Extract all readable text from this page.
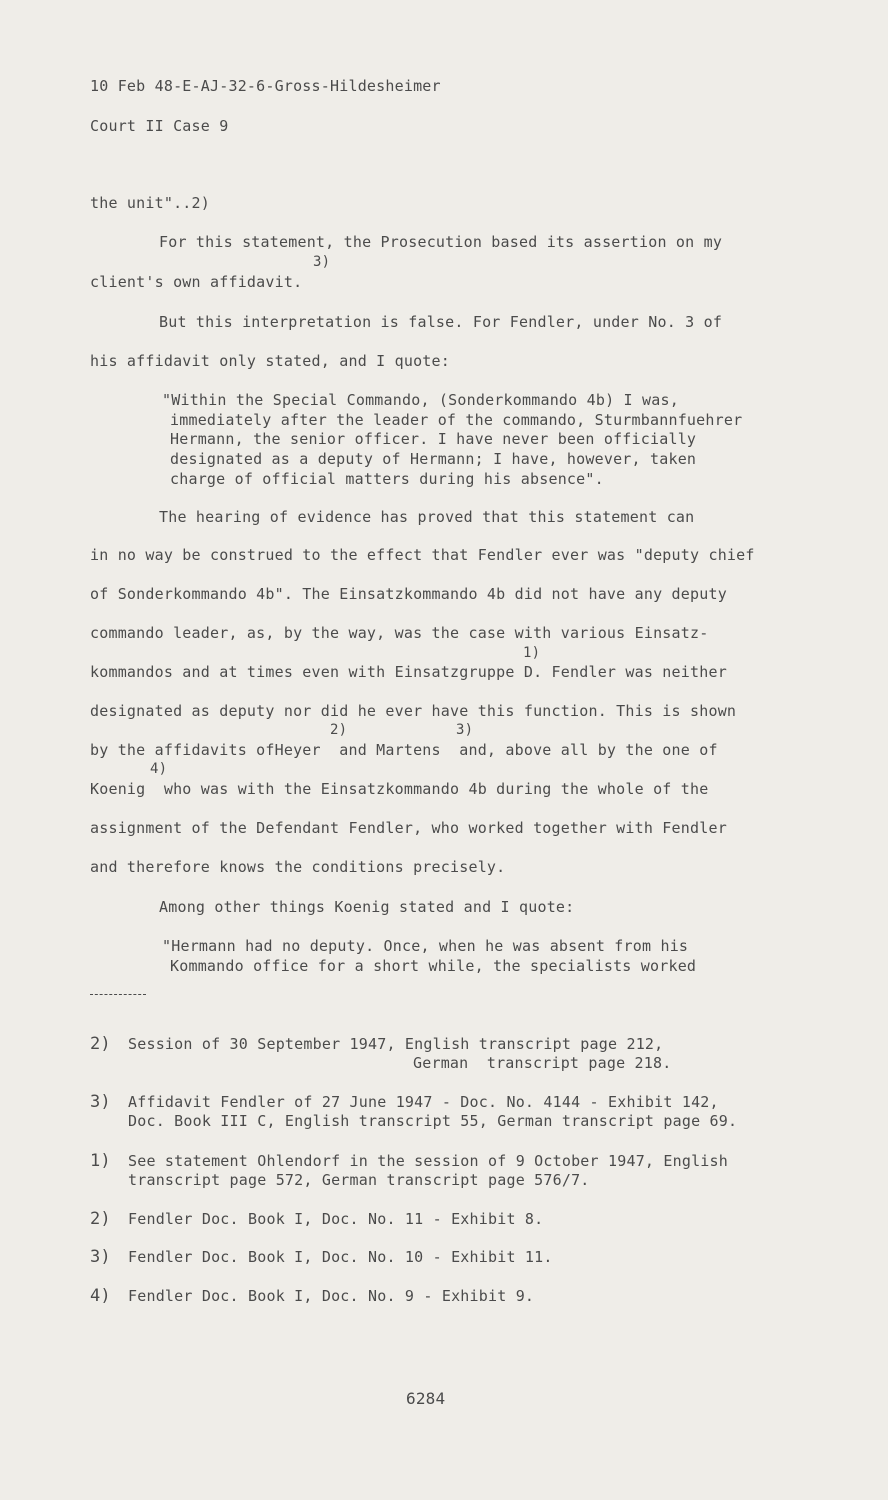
10 Feb 48-E-AJ-32-6-Gross-Hildesheimer
Court II Case 9
the unit"..2)
For this statement, the Prosecution based its assertion on my
3)
client's own affidavit.
But this interpretation is false. For Fendler, under No. 3 of
his affidavit only stated, and I quote:
"Within the Special Commando, (Sonderkommando 4b) I was,
immediately after the leader of the commando, Sturmbannfuehrer
Hermann, the senior officer. I have never been officially
designated as a deputy of Hermann; I have, however, taken
charge of official matters during his absence".
The hearing of evidence has proved that this statement can
in no way be construed to the effect that Fendler ever was "deputy chief
of Sonderkommando 4b". The Einsatzkommando 4b did not have any deputy
commando leader, as, by the way, was the case with various Einsatz-
1)
kommandos and at times even with Einsatzgruppe D. Fendler was neither
designated as deputy nor did he ever have this function. This is shown
2)	3)
by the affidavits ofHeyer  and Martens  and, above all by the one of
4)
Koenig  who was with the Einsatzkommando 4b during the whole of the
assignment of the Defendant Fendler, who worked together with Fendler
and therefore knows the conditions precisely.
Among other things Koenig stated and I quote:
"Hermann had no deputy. Once, when he was absent from his
Kommando office for a short while, the specialists worked
2) Session of 30 September 1947, English transcript page 212,
German  transcript page 218.
3) Affidavit Fendler of 27 June 1947 - Doc. No. 4144 - Exhibit 142,
Doc. Book III C, English transcript 55, German transcript page 69.
1) See statement Ohlendorf in the session of 9 October 1947, English
transcript page 572, German transcript page 576/7.
2) Fendler Doc. Book I, Doc. No. 11 - Exhibit 8.
3) Fendler Doc. Book I, Doc. No. 10 - Exhibit 11.
4) Fendler Doc. Book I, Doc. No. 9 - Exhibit 9.
6284
